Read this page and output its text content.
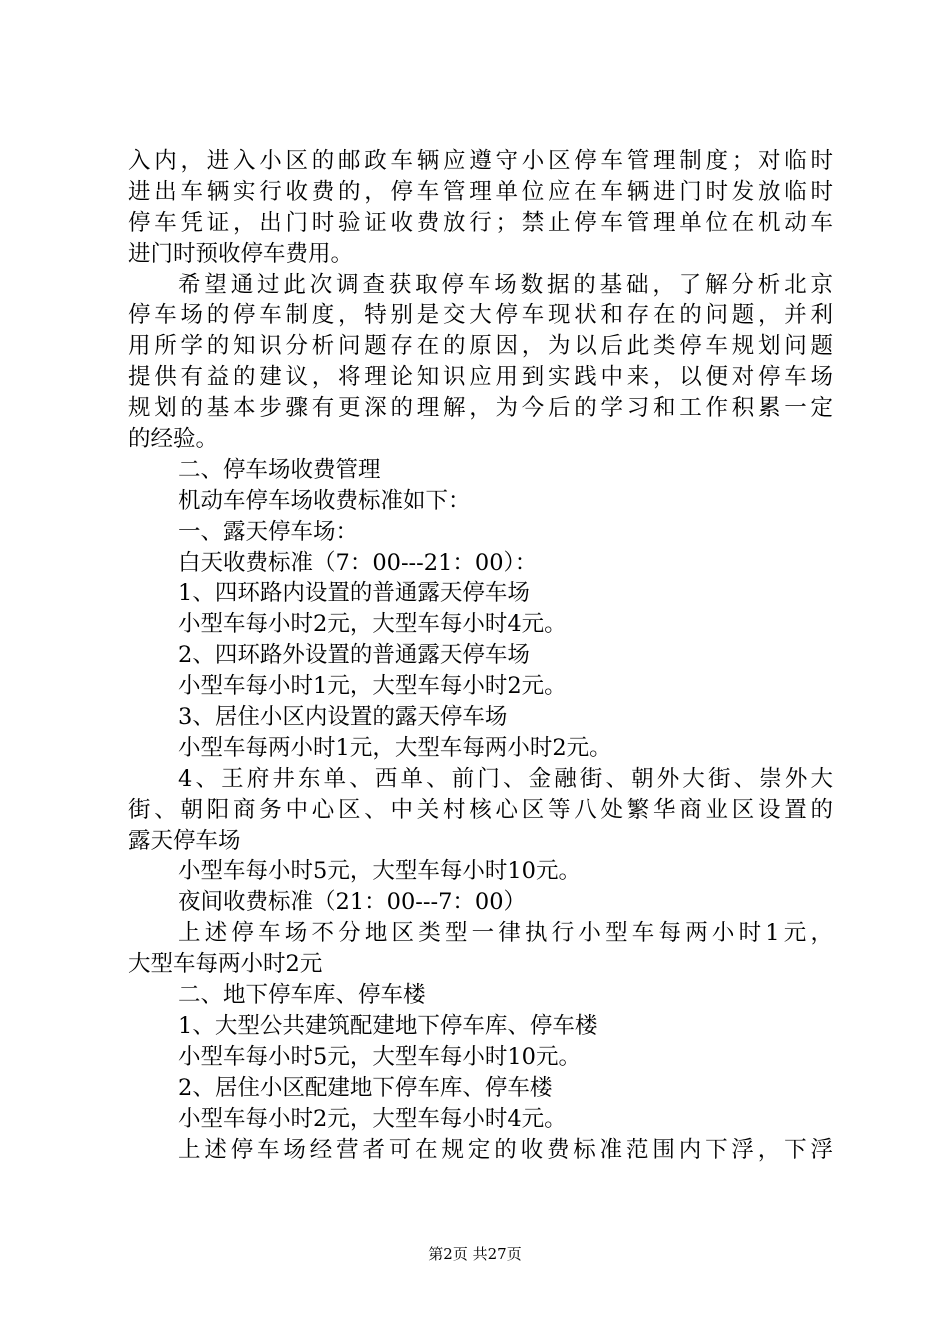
入内，进入小区的邮政车辆应遵守小区停车管理制度；对临时
进出车辆实行收费的，停车管理单位应在车辆进门时发放临时
停车凭证，出门时验证收费放行；禁止停车管理单位在机动车
进门时预收停车费用。
希望通过此次调查获取停车场数据的基础，了解分析北京
停车场的停车制度，特别是交大停车现状和存在的问题，并利
用所学的知识分析问题存在的原因，为以后此类停车规划问题
提供有益的建议，将理论知识应用到实践中来，以便对停车场
规划的基本步骤有更深的理解，为今后的学习和工作积累一定
的经验。
二、停车场收费管理
机动车停车场收费标准如下：
一、露天停车场：
白天收费标准（7：00---21：00）：
1、四环路内设置的普通露天停车场
小型车每小时2元，大型车每小时4元。
2、四环路外设置的普通露天停车场
小型车每小时1元，大型车每小时2元。
3、居住小区内设置的露天停车场
小型车每两小时1元，大型车每两小时2元。
4、王府井东单、西单、前门、金融街、朝外大街、崇外大
街、朝阳商务中心区、中关村核心区等八处繁华商业区设置的
露天停车场
小型车每小时5元，大型车每小时10元。
夜间收费标准（21：00---7：00）
上述停车场不分地区类型一律执行小型车每两小时1元，
大型车每两小时2元
二、地下停车库、停车楼
1、大型公共建筑配建地下停车库、停车楼
小型车每小时5元，大型车每小时10元。
2、居住小区配建地下停车库、停车楼
小型车每小时2元，大型车每小时4元。
上述停车场经营者可在规定的收费标准范围内下浮，下浮
第2页 共27页
